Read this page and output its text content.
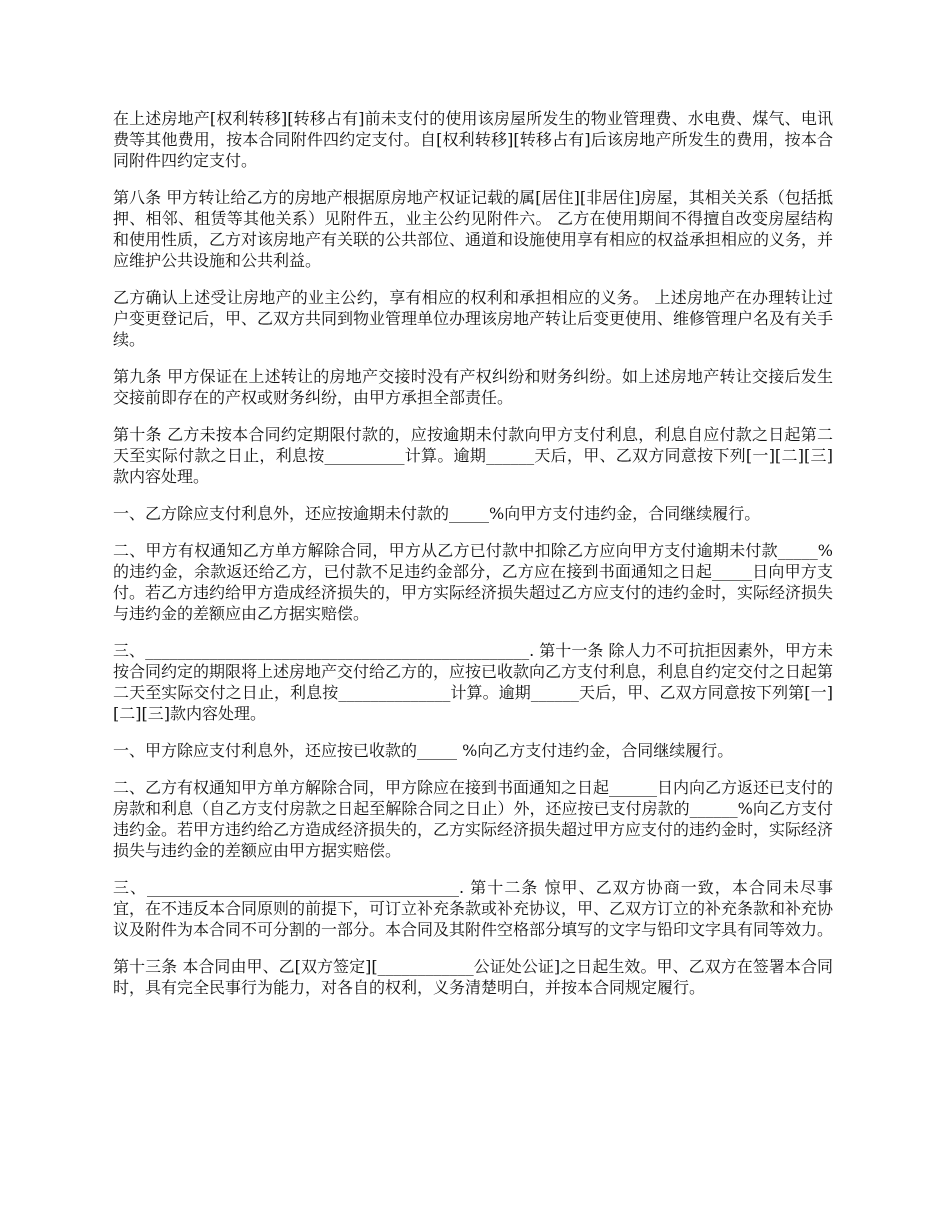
在上述房地产[权利转移][转移占有]前未支付的使用该房屋所发生的物业管理费、水电费、煤气、电讯费等其他费用，按本合同附件四约定支付。自[权利转移][转移占有]后该房地产所发生的费用，按本合同附件四约定支付。

第八条 甲方转让给乙方的房地产根据原房地产权证记载的属[居住][非居住]房屋，其相关关系（包括抵押、相邻、租赁等其他关系）见附件五，业主公约见附件六。 乙方在使用期间不得擅自改变房屋结构和使用性质，乙方对该房地产有关联的公共部位、通道和设施使用享有相应的权益承担相应的义务，并应维护公共设施和公共利益。

乙方确认上述受让房地产的业主公约，享有相应的权利和承担相应的义务。 上述房地产在办理转让过户变更登记后，甲、乙双方共同到物业管理单位办理该房地产转让后变更使用、维修管理户名及有关手续。

第九条 甲方保证在上述转让的房地产交接时没有产权纠纷和财务纠纷。如上述房地产转让交接后发生交接前即存在的产权或财务纠纷，由甲方承担全部责任。

第十条 乙方未按本合同约定期限付款的，应按逾期未付款向甲方支付利息，利息自应付款之日起第二天至实际付款之日止，利息按__________计算。逾期______天后，甲、乙双方同意按下列[一][二][三]款内容处理。

一、乙方除应支付利息外，还应按逾期未付款的_____%向甲方支付违约金，合同继续履行。

二、甲方有权通知乙方单方解除合同，甲方从乙方已付款中扣除乙方应向甲方支付逾期未付款_____%的违约金，余款返还给乙方，已付款不足违约金部分，乙方应在接到书面通知之日起_____日向甲方支付。若乙方违约给甲方造成经济损失的，甲方实际经济损失超过乙方应支付的违约金时，实际经济损失与违约金的差额应由乙方据实赔偿。

三、________________________________________________. 第十一条 除人力不可抗拒因素外，甲方未按合同约定的期限将上述房地产交付给乙方的，应按已收款向乙方支付利息，利息自约定交付之日起第二天至实际交付之日止，利息按______________计算。逾期______天后，甲、乙双方同意按下列第[一][二][三]款内容处理。

一、甲方除应支付利息外，还应按已收款的_____ %向乙方支付违约金，合同继续履行。

二、乙方有权通知甲方单方解除合同，甲方除应在接到书面通知之日起______日内向乙方返还已支付的房款和利息（自乙方支付房款之日起至解除合同之日止）外，还应按已支付房款的______%向乙方支付违约金。若甲方违约给乙方造成经济损失的，乙方实际经济损失超过甲方应支付的违约金时，实际经济损失与违约金的差额应由甲方据实赔偿。

三、_______________________________________. 第十二条 惊甲、乙双方协商一致，本合同未尽事宜，在不违反本合同原则的前提下，可订立补充条款或补充协议，甲、乙双方订立的补充条款和补充协议及附件为本合同不可分割的一部分。本合同及其附件空格部分填写的文字与铅印文字具有同等效力。

第十三条 本合同由甲、乙[双方签定][____________公证处公证]之日起生效。甲、乙双方在签署本合同时，具有完全民事行为能力，对各自的权利，义务清楚明白，并按本合同规定履行。
